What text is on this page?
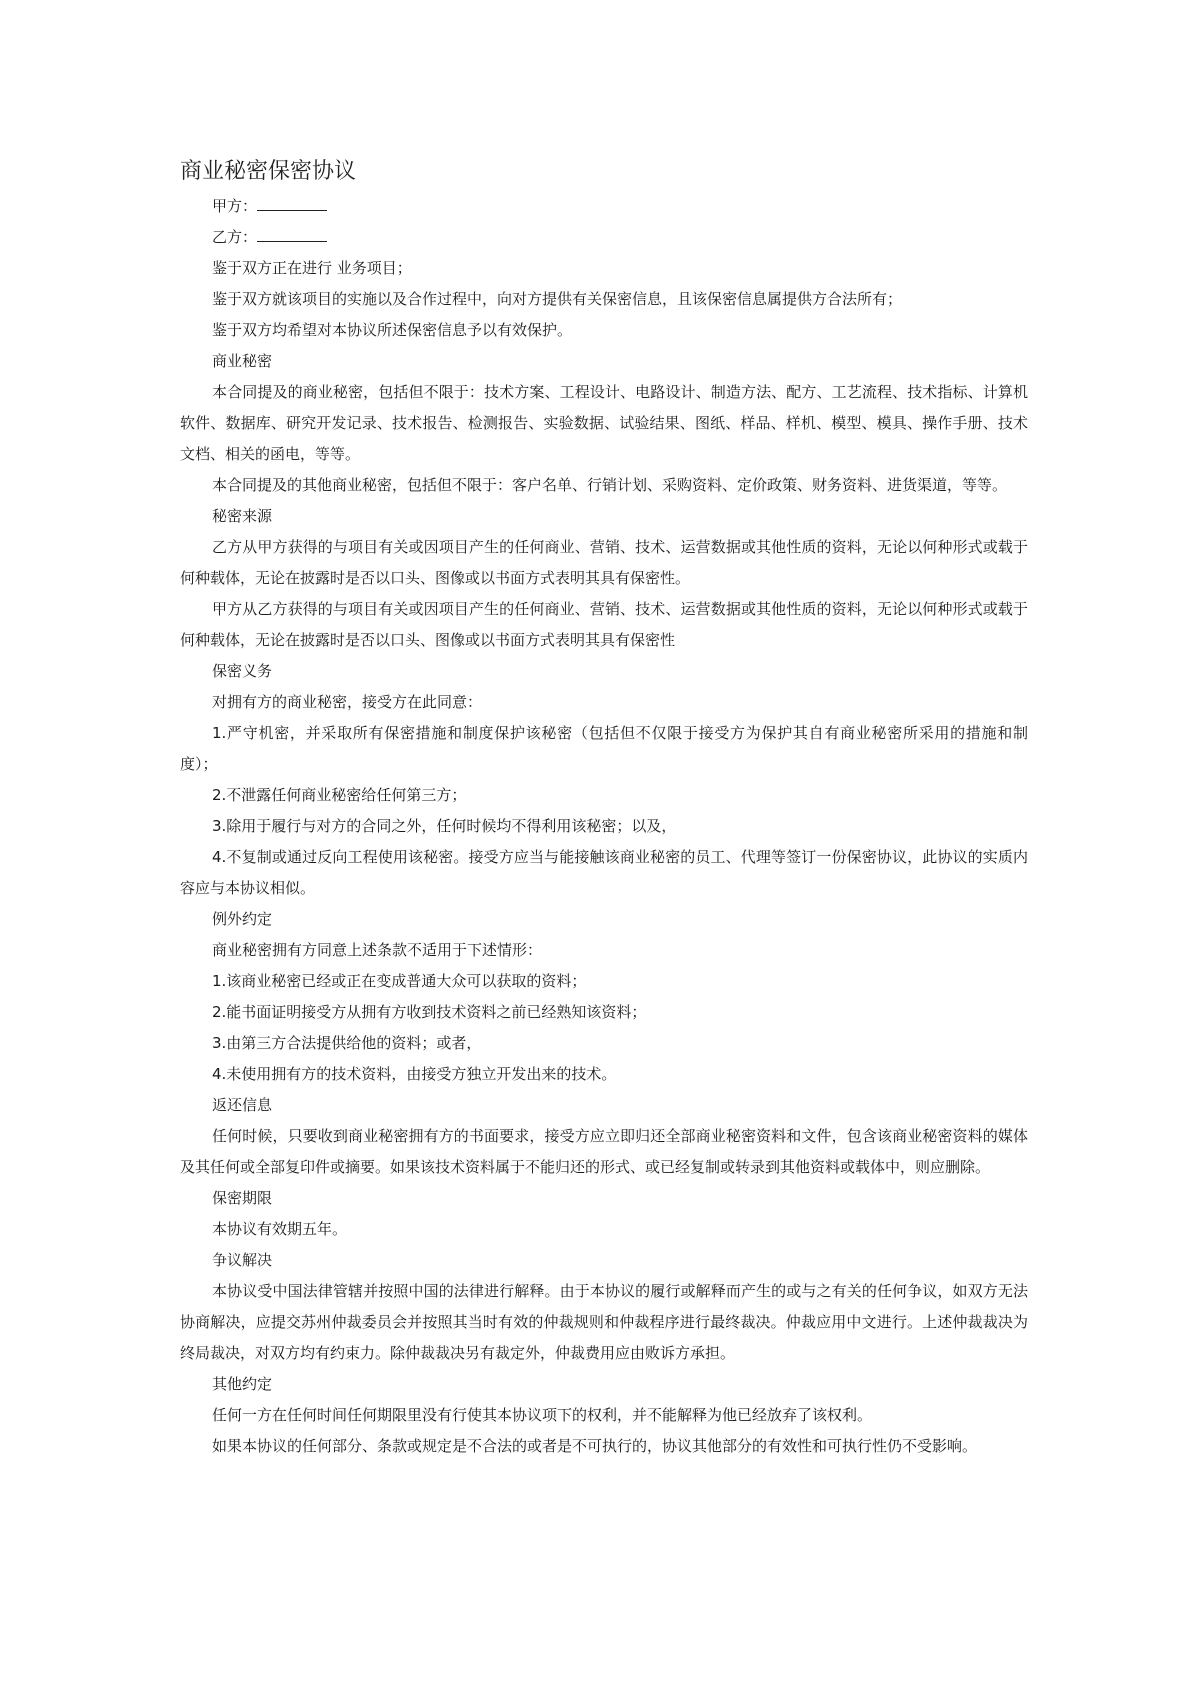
商业秘密保密协议

甲方：

乙方：

鉴于双方正在进行 业务项目；

鉴于双方就该项目的实施以及合作过程中，向对方提供有关保密信息，且该保密信息属提供方合法所有；

鉴于双方均希望对本协议所述保密信息予以有效保护。

商业秘密

本合同提及的商业秘密，包括但不限于：技术方案、工程设计、电路设计、制造方法、配方、工艺流程、技术指标、计算机软件、数据库、研究开发记录、技术报告、检测报告、实验数据、试验结果、图纸、样品、样机、模型、模具、操作手册、技术文档、相关的函电，等等。

本合同提及的其他商业秘密，包括但不限于：客户名单、行销计划、采购资料、定价政策、财务资料、进货渠道，等等。

秘密来源

乙方从甲方获得的与项目有关或因项目产生的任何商业、营销、技术、运营数据或其他性质的资料，无论以何种形式或载于何种载体，无论在披露时是否以口头、图像或以书面方式表明其具有保密性。

甲方从乙方获得的与项目有关或因项目产生的任何商业、营销、技术、运营数据或其他性质的资料，无论以何种形式或载于何种载体，无论在披露时是否以口头、图像或以书面方式表明其具有保密性

保密义务

对拥有方的商业秘密，接受方在此同意：

1.严守机密，并采取所有保密措施和制度保护该秘密（包括但不仅限于接受方为保护其自有商业秘密所采用的措施和制度）；

2.不泄露任何商业秘密给任何第三方；

3.除用于履行与对方的合同之外，任何时候均不得利用该秘密；以及，

4.不复制或通过反向工程使用该秘密。接受方应当与能接触该商业秘密的员工、代理等签订一份保密协议，此协议的实质内容应与本协议相似。

例外约定

商业秘密拥有方同意上述条款不适用于下述情形：

1.该商业秘密已经或正在变成普通大众可以获取的资料；

2.能书面证明接受方从拥有方收到技术资料之前已经熟知该资料；

3.由第三方合法提供给他的资料；或者，

4.未使用拥有方的技术资料，由接受方独立开发出来的技术。

返还信息

任何时候，只要收到商业秘密拥有方的书面要求，接受方应立即归还全部商业秘密资料和文件，包含该商业秘密资料的媒体及其任何或全部复印件或摘要。如果该技术资料属于不能归还的形式、或已经复制或转录到其他资料或载体中，则应删除。

保密期限

本协议有效期五年。

争议解决

本协议受中国法律管辖并按照中国的法律进行解释。由于本协议的履行或解释而产生的或与之有关的任何争议，如双方无法协商解决，应提交苏州仲裁委员会并按照其当时有效的仲裁规则和仲裁程序进行最终裁决。仲裁应用中文进行。上述仲裁裁决为终局裁决，对双方均有约束力。除仲裁裁决另有裁定外，仲裁费用应由败诉方承担。

其他约定

任何一方在任何时间任何期限里没有行使其本协议项下的权利，并不能解释为他已经放弃了该权利。

如果本协议的任何部分、条款或规定是不合法的或者是不可执行的，协议其他部分的有效性和可执行性仍不受影响。
